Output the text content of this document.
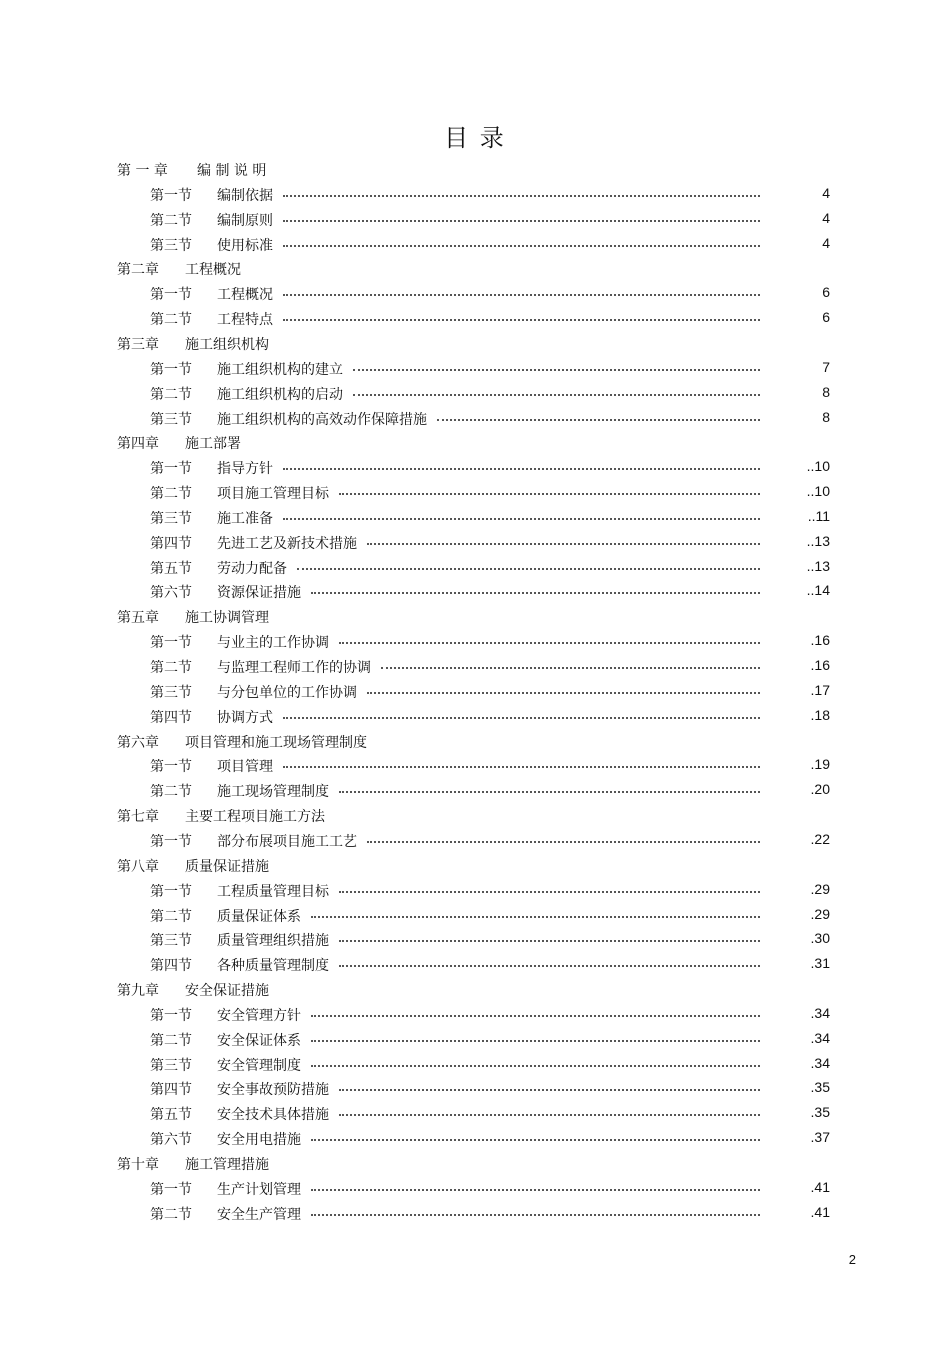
目 录
第 一 章 编 制 说 明
第一节 编制依据	4
第二节 编制原则	4
第三节 使用标准	4
第二章 工程概况
第一节 工程概况	6
第二节 工程特点	6
第三章 施工组织机构
第一节 施工组织机构的建立	7
第二节 施工组织机构的启动	8
第三节 施工组织机构的高效动作保障措施	8
第四章 施工部署
第一节 指导方针	..10
第二节 项目施工管理目标	..10
第三节 施工准备	..11
第四节 先进工艺及新技术措施	..13
第五节 劳动力配备	..13
第六节 资源保证措施	..14
第五章 施工协调管理
第一节 与业主的工作协调	.16
第二节 与监理工程师工作的协调	.16
第三节 与分包单位的工作协调	.17
第四节 协调方式	.18
第六章 项目管理和施工现场管理制度
第一节 项目管理	.19
第二节 施工现场管理制度	.20
第七章 主要工程项目施工方法
第一节 部分布展项目施工工艺	.22
第八章 质量保证措施
第一节 工程质量管理目标	.29
第二节 质量保证体系	.29
第三节 质量管理组织措施	.30
第四节 各种质量管理制度	.31
第九章 安全保证措施
第一节 安全管理方针	.34
第二节 安全保证体系	.34
第三节 安全管理制度	.34
第四节 安全事故预防措施	.35
第五节 安全技术具体措施	.35
第六节 安全用电措施	.37
第十章 施工管理措施
第一节 生产计划管理	.41
第二节 安全生产管理	.41
2
